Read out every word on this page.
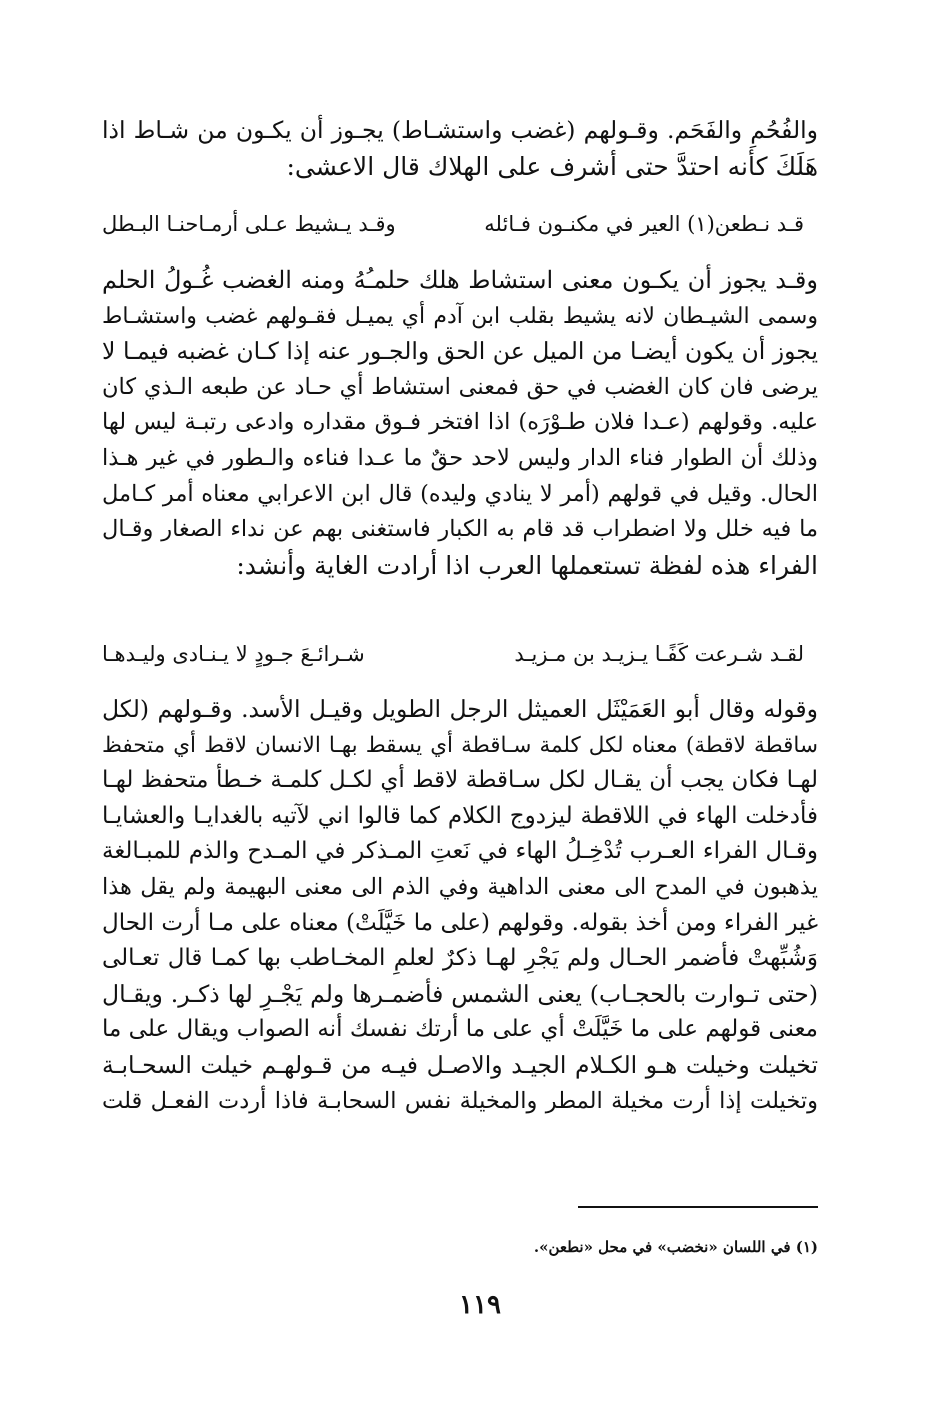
والفُحُمِ والفَحَم. وقـولهم (غضب واستشـاط) يجـوز أن يكـون من شـاط اذا
هَلَكَ كأنه احتدَّ حتى أشرف على الهلاك قال الاعشى:
قـد نـطعن(١) العير في مكنـون فـائله
وقـد يـشيط عـلى أرمـاحنـا البـطل
وقـد يجوز أن يكـون معنى استشاط هلك حلمـُهُ ومنه الغضب غُـولُ الحلم
وسمى الشيـطان لانه يشيط بقلب ابن آدم أي يميـل فقـولهم غضب واستشـاط
يجوز أن يكون أيضـا من الميل عن الحق والجـور عنه إذا كـان غضبه فيمـا لا
يرضى فان كان الغضب في حق فمعنى استشاط أي حـاد عن طبعه الـذي كان
عليه. وقولهم (عـدا فلان طـوْرَه) اذا افتخر فـوق مقداره وادعى رتبـة ليس لها
وذلك أن الطوار فناء الدار وليس لاحد حقٌ ما عـدا فناءه والـطور في غير هـذا
الحال. وقيل في قولهم (أمر لا ينادي وليده) قال ابن الاعرابي معناه أمر كـامل
ما فيه خلل ولا اضطراب قد قام به الكبار فاستغنى بهم عن نداء الصغار وقـال
الفراء هذه لفظة تستعملها العرب اذا أرادت الغاية وأنشد:
لقـد شـرعت كَفًـا يـزيـد بن مـزيـد
شـرائـعَ جـودٍ لا يـنـادى وليـدهـا
وقوله وقال أبو العَمَيْثَل العميثل الرجل الطويل وقيـل الأسد. وقـولهم (لكل
ساقطة لاقطة) معناه لكل كلمة سـاقطة أي يسقط بهـا الانسان لاقط أي متحفظ
لهـا فكان يجب أن يقـال لكل سـاقطة لاقط أي لكـل كلمـة خـطأ متحفظ لهـا
فأدخلت الهاء في اللاقطة ليزدوج الكلام كما قالوا اني لآتيه بالغدايـا والعشايـا
وقـال الفراء العـرب تُدْخِـلُ الهاء في نَعتِ المـذكر في المـدح والذم للمبـالغة
يذهبون في المدح الى معنى الداهية وفي الذم الى معنى البهيمة ولم يقل هذا
غير الفراء ومن أخذ بقوله. وقولهم (على ما خَيَّلَتْ) معناه على مـا أرت الحال
وَشُبِّهتْ فأضمر الحـال ولم يَجْرِ لهـا ذكرٌ لعلمِ المخـاطب بها كمـا قال تعـالى
(حتى تـوارت بالحجـاب) يعنى الشمس فأضمـرها ولم يَجْـرِ لها ذكـر. ويقـال
معنى قولهم على ما خَيَّلَتْ أي على ما أرتك نفسك أنه الصواب ويقال على ما
تخيلت وخيلت هـو الكـلام الجيـد والاصـل فيـه من قـولهـم خيلت السحـابـة
وتخيلت إذا أرت مخيلة المطر والمخيلة نفس السحابـة فاذا أردت الفعـل قلت
(١) في اللسان «نخضب» في محل «نطعن».
١١٩
